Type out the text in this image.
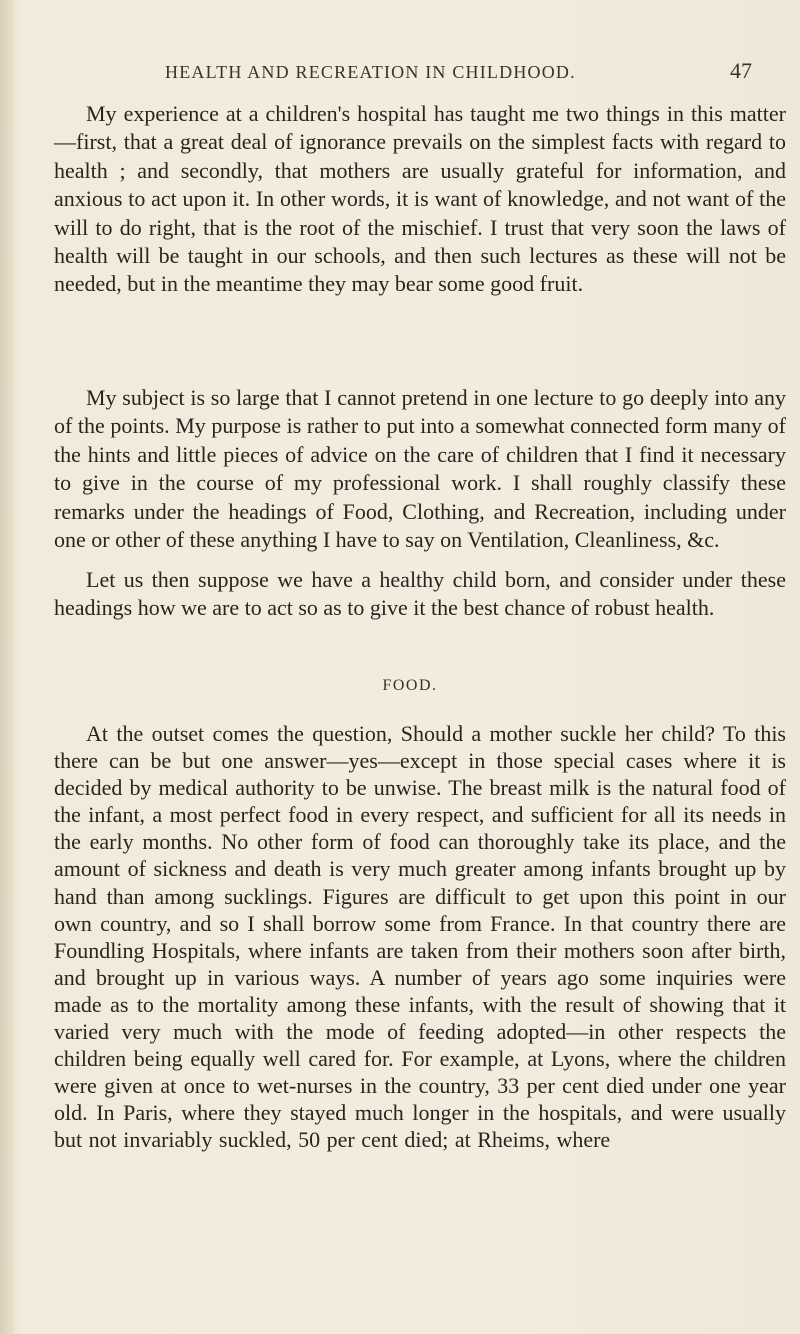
HEALTH AND RECREATION IN CHILDHOOD.	47

My experience at a children's hospital has taught me two things in this matter—first, that a great deal of ignorance prevails on the simplest facts with regard to health ; and secondly, that mothers are usually grateful for information, and anxious to act upon it. In other words, it is want of knowledge, and not want of the will to do right, that is the root of the mischief. I trust that very soon the laws of health will be taught in our schools, and then such lectures as these will not be needed, but in the meantime they may bear some good fruit.

My subject is so large that I cannot pretend in one lecture to go deeply into any of the points. My purpose is rather to put into a somewhat connected form many of the hints and little pieces of advice on the care of children that I find it necessary to give in the course of my professional work. I shall roughly classify these remarks under the headings of Food, Clothing, and Recreation, including under one or other of these anything I have to say on Ventilation, Cleanliness, &c.

Let us then suppose we have a healthy child born, and consider under these headings how we are to act so as to give it the best chance of robust health.

FOOD.

At the outset comes the question, Should a mother suckle her child? To this there can be but one answer—yes—except in those special cases where it is decided by medical authority to be unwise. The breast milk is the natural food of the infant, a most perfect food in every respect, and sufficient for all its needs in the early months. No other form of food can thoroughly take its place, and the amount of sickness and death is very much greater among infants brought up by hand than among sucklings. Figures are difficult to get upon this point in our own country, and so I shall borrow some from France. In that country there are Foundling Hospitals, where infants are taken from their mothers soon after birth, and brought up in various ways. A number of years ago some inquiries were made as to the mortality among these infants, with the result of showing that it varied very much with the mode of feeding adopted—in other respects the children being equally well cared for. For example, at Lyons, where the children were given at once to wet-nurses in the country, 33 per cent died under one year old. In Paris, where they stayed much longer in the hospitals, and were usually but not invariably suckled, 50 per cent died; at Rheims, where
